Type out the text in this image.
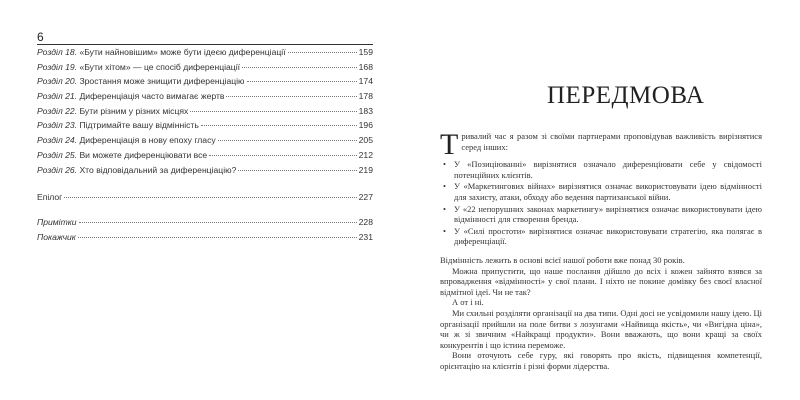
6
Розділ 18. «Бути найновішим» може бути ідеєю диференціації	159
Розділ 19. «Бути хітом» — це спосіб диференціації	168
Розділ 20. Зростання може знищити диференціацію	174
Розділ 21. Диференціація часто вимагає жертв	178
Розділ 22. Бути різним у різних місцях	183
Розділ 23. Підтримайте вашу відмінність	196
Розділ 24. Диференціація в нову епоху гласу	205
Розділ 25. Ви можете диференціювати все	212
Розділ 26. Хто відповідальний за диференціацію?	219
Епілог	227
Примітки	228
Покажчик	231
ПЕРЕДМОВА

Тривалий час я разом зі своїми партнерами проповідував важливість вирізнятися серед інших:

• У «Позиціюванні» вирізнятися означало диференціювати себе у свідомості потенційних клієнтів.
• У «Маркетингових війнах» вирізнятися означає використовувати ідею відмінності для захисту, атаки, обходу або ведення партизанської війни.
• У «22 непорушних законах маркетингу» вирізнятися означає використовувати ідею відмінності для створення бренда.
• У «Силі простоти» вирізнятися означає використовувати стратегію, яка полягає в диференціації.

Відмінність лежить в основі всієї нашої роботи вже понад 30 років.

Можна припустити, що наше послання дійшло до всіх і кожен зайнято взявся за впровадження «відмінності» у свої плани. І ніхто не покине домівку без своєї власної відмітної ідеї. Чи не так?

А от і ні.

Ми схильні розділяти організації на два типи. Одні досі не усвідомили нашу ідею. Ці організації прийшли на поле битви з лозунгами «Найвища якість», чи «Вигідна ціна», чи ж зі звичним «Найкращі продукти». Вони вважають, що вони кращі за своїх конкурентів і що істина переможе.

Вони оточують себе гуру, які говорять про якість, підвищення компетенції, орієнтацію на клієнтів і різні форми лідерства.
